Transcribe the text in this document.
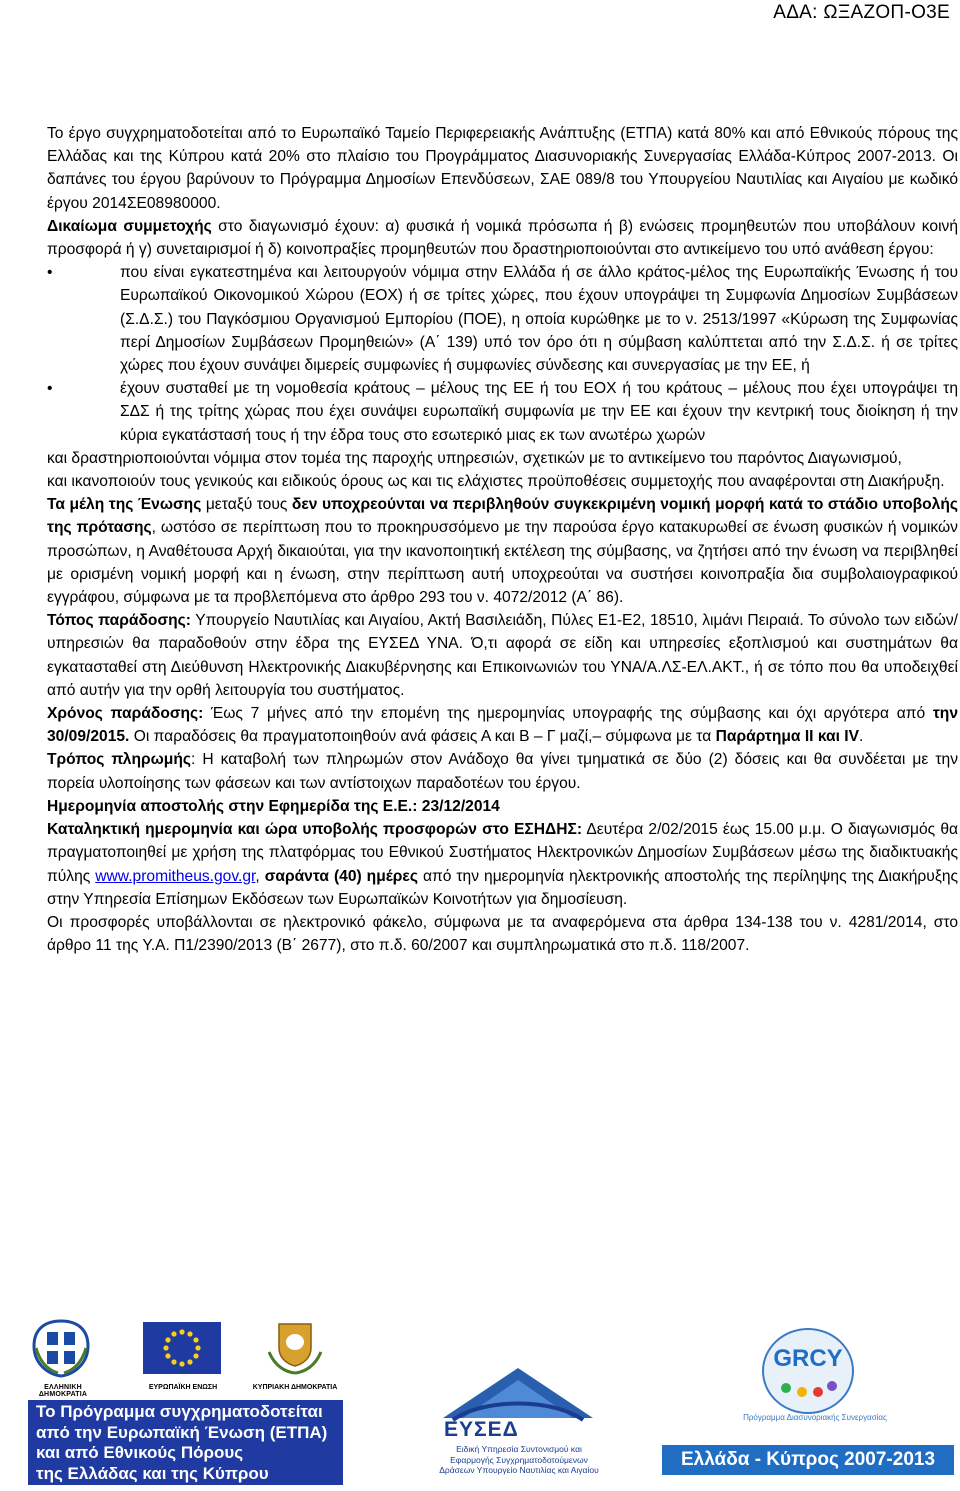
ΑΔΑ: ΩΞΑΖΟΠ-Ο3Ε

Το έργο συγχρηματοδοτείται από το Ευρωπαϊκό Ταμείο Περιφερειακής Ανάπτυξης (ΕΤΠΑ) κατά 80% και από Εθνικούς πόρους της Ελλάδας και της Κύπρου κατά 20% στο πλαίσιο του Προγράμματος Διασυνοριακής Συνεργασίας Ελλάδα-Κύπρος 2007-2013. Οι δαπάνες του έργου βαρύνουν το Πρόγραμμα Δημοσίων Επενδύσεων, ΣΑΕ 089/8 του Υπουργείου Ναυτιλίας και Αιγαίου με κωδικό έργου 2014ΣΕ08980000.

Δικαίωμα συμμετοχής στο διαγωνισμό έχουν: α) φυσικά ή νομικά πρόσωπα ή β) ενώσεις προμηθευτών που υποβάλουν κοινή προσφορά ή γ) συνεταιρισμοί ή δ) κοινοπραξίες προμηθευτών που δραστηριοποιούνται στο αντικείμενο του υπό ανάθεση έργου:

•	που είναι εγκατεστημένα και λειτουργούν νόμιμα στην Ελλάδα ή σε άλλο κράτος-μέλος της Ευρωπαϊκής Ένωσης ή του Ευρωπαϊκού Οικονομικού Χώρου (ΕΟΧ) ή σε τρίτες χώρες, που έχουν υπογράψει τη Συμφωνία Δημοσίων Συμβάσεων (Σ.Δ.Σ.) του Παγκόσμιου Οργανισμού Εμπορίου (ΠΟΕ), η οποία κυρώθηκε με το ν. 2513/1997 «Κύρωση της Συμφωνίας περί Δημοσίων Συμβάσεων Προμηθειών» (Α΄ 139) υπό τον όρο ότι η σύμβαση καλύπτεται από την Σ.Δ.Σ. ή σε τρίτες χώρες που έχουν συνάψει διμερείς συμφωνίες ή συμφωνίες σύνδεσης και συνεργασίας με την ΕΕ, ή
•	έχουν συσταθεί με τη νομοθεσία κράτους – μέλους της ΕΕ ή του ΕΟΧ ή του κράτους – μέλους που έχει υπογράψει τη ΣΔΣ ή της τρίτης χώρας που έχει συνάψει ευρωπαϊκή συμφωνία με την ΕΕ και έχουν την κεντρική τους διοίκηση ή την κύρια εγκατάστασή τους ή την έδρα τους στο εσωτερικό μιας εκ των ανωτέρω χωρών

και δραστηριοποιούνται νόμιμα στον τομέα της παροχής υπηρεσιών, σχετικών με το αντικείμενο του παρόντος Διαγωνισμού,

και ικανοποιούν τους γενικούς και ειδικούς όρους ως και τις ελάχιστες προϋποθέσεις συμμετοχής που αναφέρονται στη Διακήρυξη.

Τα μέλη της Ένωσης μεταξύ τους δεν υποχρεούνται να περιβληθούν συγκεκριμένη νομική μορφή κατά το στάδιο υποβολής της πρότασης, ωστόσο σε περίπτωση που το προκηρυσσόμενο με την παρούσα έργο κατακυρωθεί σε ένωση φυσικών ή νομικών προσώπων, η Αναθέτουσα Αρχή δικαιούται, για την ικανοποιητική εκτέλεση της σύμβασης, να ζητήσει από την ένωση να περιβληθεί με ορισμένη νομική μορφή και η ένωση, στην περίπτωση αυτή υποχρεούται να συστήσει κοινοπραξία δια συμβολαιογραφικού εγγράφου, σύμφωνα με τα προβλεπόμενα στο άρθρο 293 του ν. 4072/2012 (Α΄ 86).

Τόπος παράδοσης: Υπουργείο Ναυτιλίας και Αιγαίου, Ακτή Βασιλειάδη, Πύλες Ε1-Ε2, 18510, λιμάνι Πειραιά. Το σύνολο των ειδών/υπηρεσιών θα παραδοθούν στην έδρα της ΕΥΣΕΔ ΥΝΑ. Ό,τι αφορά σε είδη και υπηρεσίες εξοπλισμού και συστημάτων θα εγκατασταθεί στη Διεύθυνση Ηλεκτρονικής Διακυβέρνησης και Επικοινωνιών του ΥΝΑ/Α.ΛΣ-ΕΛ.ΑΚΤ., ή σε τόπο που θα υποδειχθεί από αυτήν για την ορθή λειτουργία του συστήματος.

Χρόνος παράδοσης: Έως 7 μήνες από την επομένη της ημερομηνίας υπογραφής της σύμβασης και όχι αργότερα από την 30/09/2015. Οι παραδόσεις θα πραγματοποιηθούν ανά φάσεις Α και Β – Γ μαζί,– σύμφωνα με τα Παράρτημα ΙΙ και ΙV.

Τρόπος πληρωμής: Η καταβολή των πληρωμών στον Ανάδοχο θα γίνει τμηματικά σε δύο (2) δόσεις και θα συνδέεται με την πορεία υλοποίησης των φάσεων και των αντίστοιχων παραδοτέων του έργου.

Ημερομηνία αποστολής στην Εφημερίδα της Ε.Ε.: 23/12/2014

Καταληκτική ημερομηνία και ώρα υποβολής προσφορών στο ΕΣΗΔΗΣ: Δευτέρα 2/02/2015 έως 15.00 μ.μ. Ο διαγωνισμός θα πραγματοποιηθεί με χρήση της πλατφόρμας του Εθνικού Συστήματος Ηλεκτρονικών Δημοσίων Συμβάσεων μέσω της διαδικτυακής πύλης www.promitheus.gov.gr, σαράντα (40) ημέρες από την ημερομηνία ηλεκτρονικής αποστολής της περίληψης της Διακήρυξης στην Υπηρεσία Επίσημων Εκδόσεων των Ευρωπαϊκών Κοινοτήτων για δημοσίευση.

Οι προσφορές υποβάλλονται σε ηλεκτρονικό φάκελο, σύμφωνα με τα αναφερόμενα στα άρθρα 134-138 του ν. 4281/2014, στο άρθρο 11 της Υ.Α. Π1/2390/2013 (Β΄ 2677), στο π.δ. 60/2007 και συμπληρωματικά στο π.δ. 118/2007.

ΕΛΛΗΝΙΚΗ ΔΗΜΟΚΡΑΤΙΑ
ΕΥΡΩΠΑΪΚΗ ΕΝΩΣΗ	ΚΥΠΡΙΑΚΗ ΔΗΜΟΚΡΑΤΙΑ
Το Πρόγραμμα συγχρηματοδοτείται
από την Ευρωπαϊκή Ένωση (ΕΤΠΑ)
και από Εθνικούς Πόρους
της Ελλάδας και της Κύπρου
ΕΥΣΕΔ
Ειδική Υπηρεσία Συντονισμού και Εφαρμογής Συγχρηματοδοτούμενων Δράσεων Υπουργείο Ναυτιλίας και Αιγαίου
GRCY
Πρόγραμμα Διασυνοριακής Συνεργασίας
Ελλάδα - Κύπρος 2007-2013
